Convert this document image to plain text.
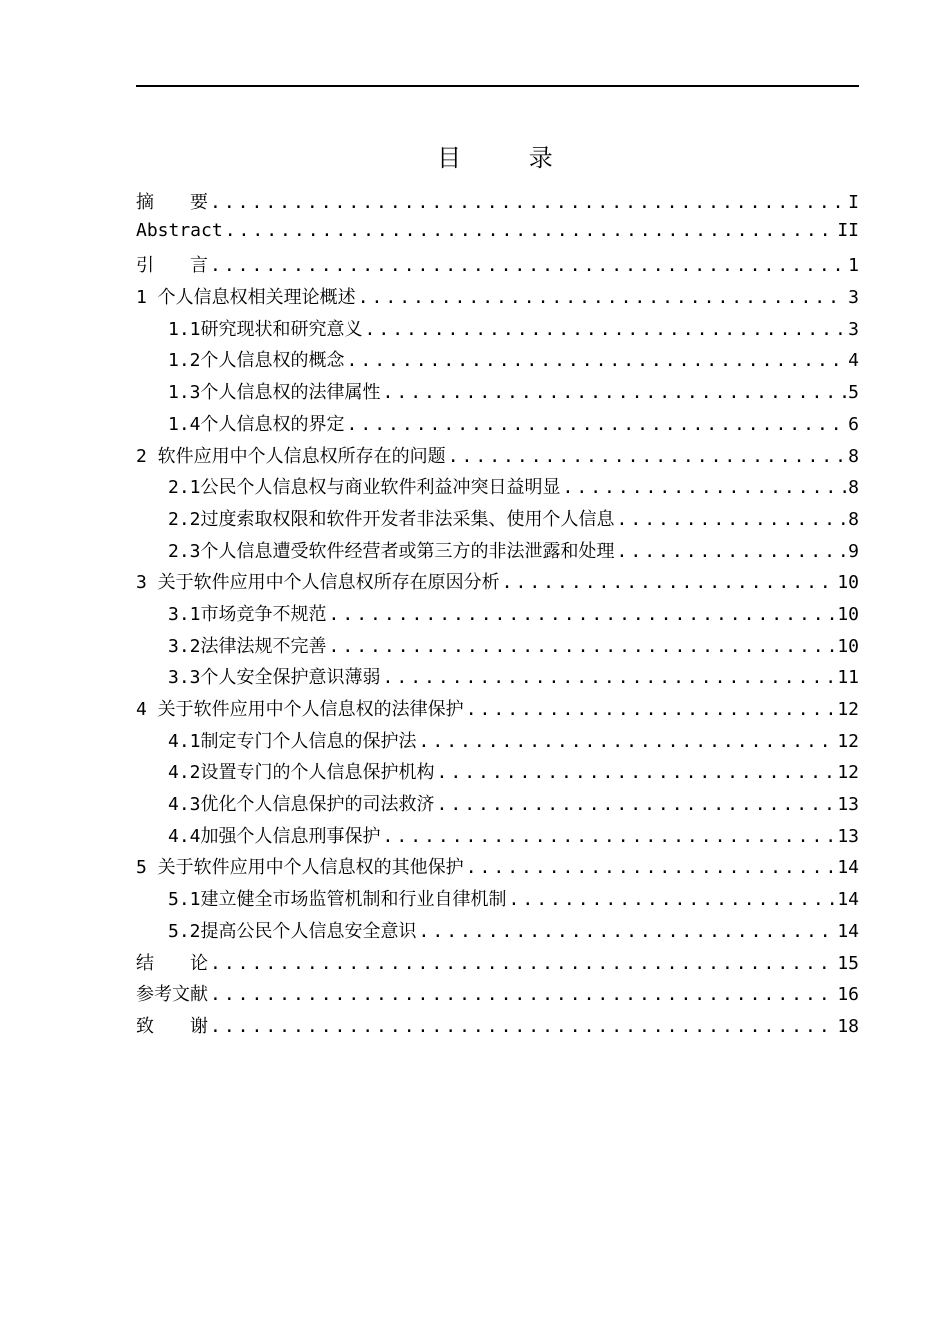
目 录
摘　　要 .....	I
Abstract .....	II
引　　言 .....	1
1 个人信息权相关理论概述 .....	3
1.1研究现状和研究意义 .....	3
1.2个人信息权的概念 .....	4
1.3个人信息权的法律属性 .....	5
1.4个人信息权的界定 .....	6
2 软件应用中个人信息权所存在的问题 .....	8
2.1公民个人信息权与商业软件利益冲突日益明显 .....	8
2.2过度索取权限和软件开发者非法采集、使用个人信息 .....	8
2.3个人信息遭受软件经营者或第三方的非法泄露和处理 .....	9
3 关于软件应用中个人信息权所存在原因分析 .....	10
3.1市场竞争不规范 .....	10
3.2法律法规不完善 .....	10
3.3个人安全保护意识薄弱 .....	11
4 关于软件应用中个人信息权的法律保护 .....	12
4.1制定专门个人信息的保护法 .....	12
4.2设置专门的个人信息保护机构 .....	12
4.3优化个人信息保护的司法救济 .....	13
4.4加强个人信息刑事保护 .....	13
5 关于软件应用中个人信息权的其他保护 .....	14
5.1建立健全市场监管机制和行业自律机制 .....	14
5.2提高公民个人信息安全意识 .....	14
结　　论 .....	15
参考文献 .....	16
致　　谢 .....	18
